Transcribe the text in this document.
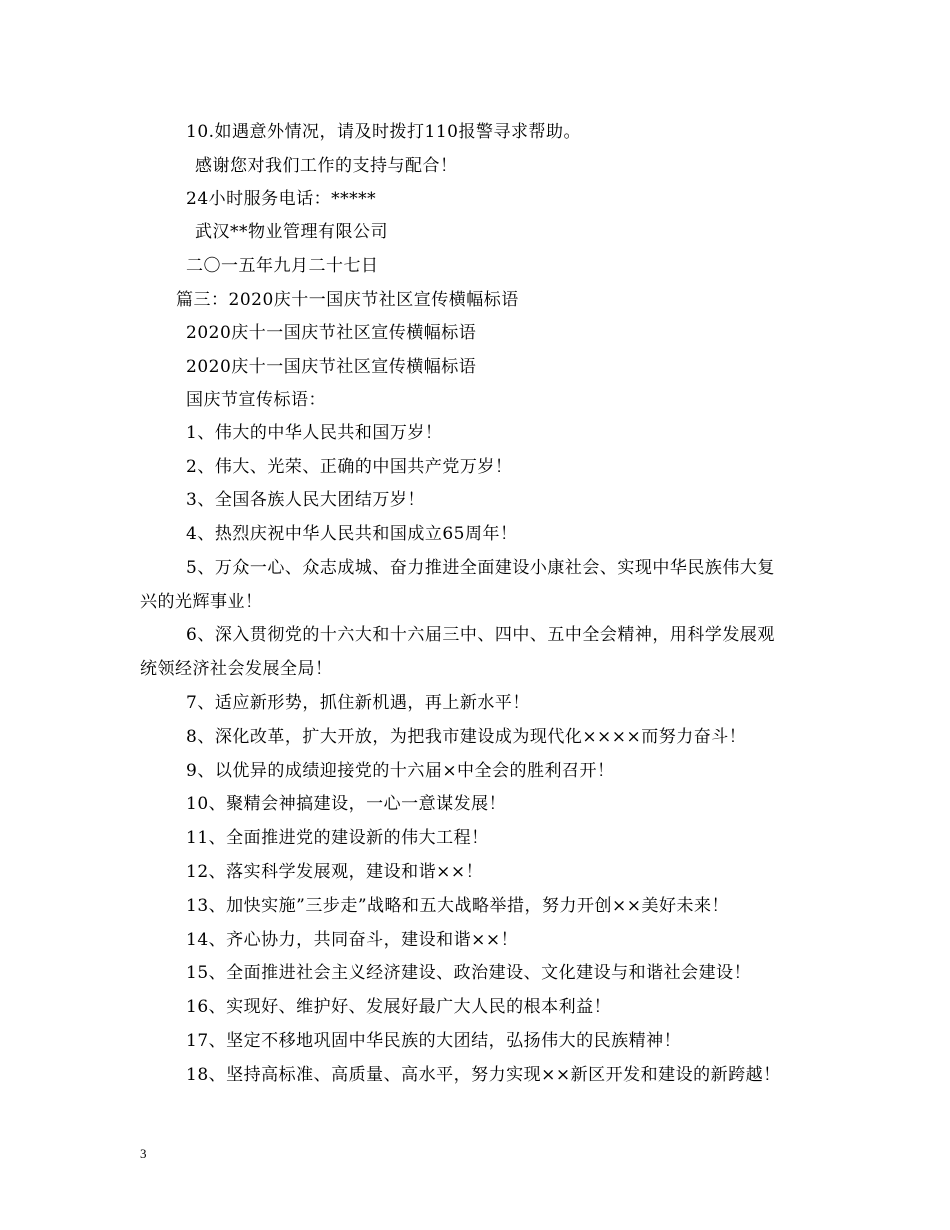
10.如遇意外情况，请及时拨打110报警寻求帮助。
感谢您对我们工作的支持与配合！
24小时服务电话：*****
武汉**物业管理有限公司
二〇一五年九月二十七日
篇三：2020庆十一国庆节社区宣传横幅标语
2020庆十一国庆节社区宣传横幅标语
2020庆十一国庆节社区宣传横幅标语
国庆节宣传标语：
1、伟大的中华人民共和国万岁！
2、伟大、光荣、正确的中国共产党万岁！
3、全国各族人民大团结万岁！
4、热烈庆祝中华人民共和国成立65周年！
5、万众一心、众志成城、奋力推进全面建设小康社会、实现中华民族伟大复
兴的光辉事业！
6、深入贯彻党的十六大和十六届三中、四中、五中全会精神，用科学发展观
统领经济社会发展全局！
7、适应新形势，抓住新机遇，再上新水平！
8、深化改革，扩大开放，为把我市建设成为现代化××××而努力奋斗！
9、以优异的成绩迎接党的十六届×中全会的胜利召开！
10、聚精会神搞建设，一心一意谋发展！
11、全面推进党的建设新的伟大工程！
12、落实科学发展观，建设和谐××！
13、加快实施”三步走”战略和五大战略举措，努力开创××美好未来！
14、齐心协力，共同奋斗，建设和谐××！
15、全面推进社会主义经济建设、政治建设、文化建设与和谐社会建设！
16、实现好、维护好、发展好最广大人民的根本利益！
17、坚定不移地巩固中华民族的大团结，弘扬伟大的民族精神！
18、坚持高标准、高质量、高水平，努力实现××新区开发和建设的新跨越！
3
